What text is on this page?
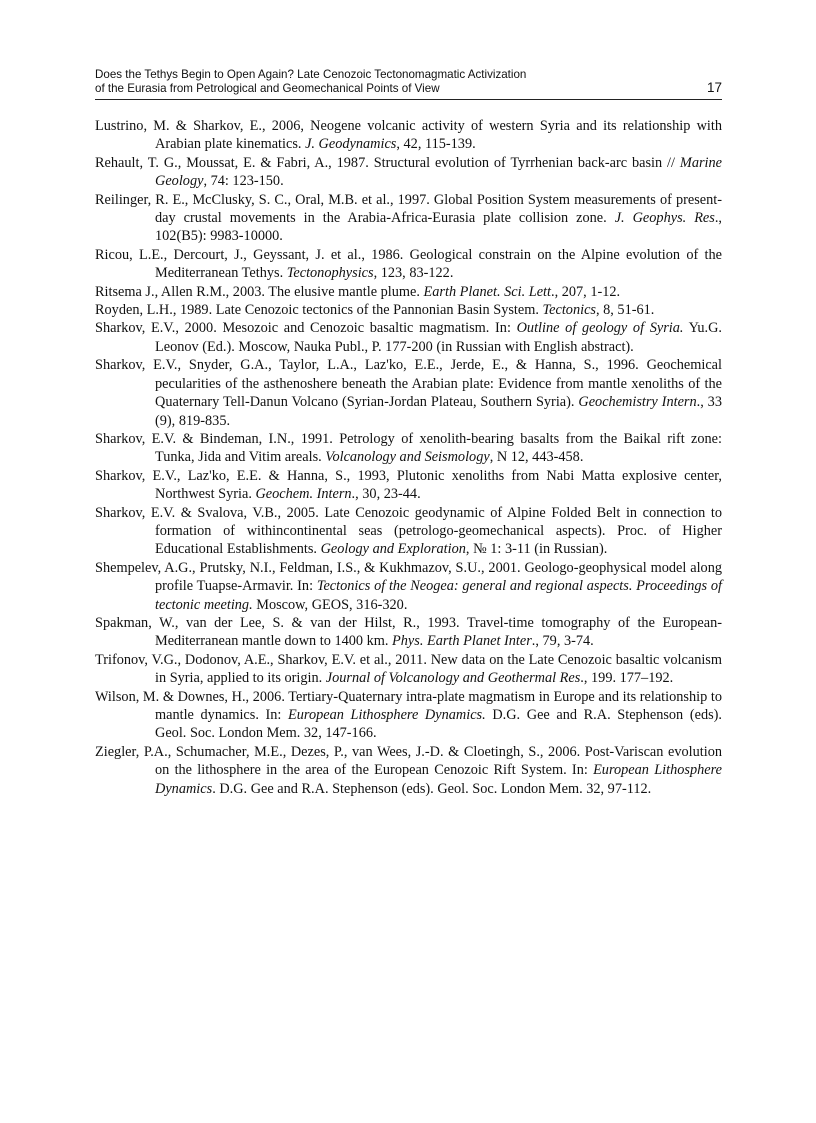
Does the Tethys Begin to Open Again? Late Cenozoic Tectonomagmatic Activization
of the Eurasia from Petrological and Geomechanical Points of View	17
Lustrino, M. & Sharkov, E., 2006, Neogene volcanic activity of western Syria and its relationship with Arabian plate kinematics. J. Geodynamics, 42, 115-139.
Rehault, T. G., Moussat, E. & Fabri, A., 1987. Structural evolution of Tyrrhenian back-arc basin // Marine Geology, 74: 123-150.
Reilinger, R. E., McClusky, S. C., Oral, M.B. et al., 1997. Global Position System measurements of present-day crustal movements in the Arabia-Africa-Eurasia plate collision zone. J. Geophys. Res., 102(B5): 9983-10000.
Ricou, L.E., Dercourt, J., Geyssant, J. et al., 1986. Geological constrain on the Alpine evolution of the Mediterranean Tethys. Tectonophysics, 123, 83-122.
Ritsema J., Allen R.M., 2003. The elusive mantle plume. Earth Planet. Sci. Lett., 207, 1-12.
Royden, L.H., 1989. Late Cenozoic tectonics of the Pannonian Basin System. Tectonics, 8, 51-61.
Sharkov, E.V., 2000. Mesozoic and Cenozoic basaltic magmatism. In: Outline of geology of Syria. Yu.G. Leonov (Ed.). Moscow, Nauka Publ., P. 177-200 (in Russian with English abstract).
Sharkov, E.V., Snyder, G.A., Taylor, L.A., Laz'ko, E.E., Jerde, E., & Hanna, S., 1996. Geochemical pecularities of the asthenoshere beneath the Arabian plate: Evidence from mantle xenoliths of the Quaternary Tell-Danun Volcano (Syrian-Jordan Plateau, Southern Syria). Geochemistry Intern., 33 (9), 819-835.
Sharkov, E.V. & Bindeman, I.N., 1991. Petrology of xenolith-bearing basalts from the Baikal rift zone: Tunka, Jida and Vitim areals. Volcanology and Seismology, N 12, 443-458.
Sharkov, E.V., Laz'ko, E.E. & Hanna, S., 1993, Plutonic xenoliths from Nabi Matta explosive center, Northwest Syria. Geochem. Intern., 30, 23-44.
Sharkov, E.V. & Svalova, V.B., 2005. Late Cenozoic geodynamic of Alpine Folded Belt in connection to formation of withincontinental seas (petrologo-geomechanical aspects). Proc. of Higher Educational Establishments. Geology and Exploration, № 1: 3-11 (in Russian).
Shempelev, A.G., Prutsky, N.I., Feldman, I.S., & Kukhmazov, S.U., 2001. Geologo-geophysical model along profile Tuapse-Armavir. In: Tectonics of the Neogea: general and regional aspects. Proceedings of tectonic meeting. Moscow, GEOS, 316-320.
Spakman, W., van der Lee, S. & van der Hilst, R., 1993. Travel-time tomography of the European-Mediterranean mantle down to 1400 km. Phys. Earth Planet Inter., 79, 3-74.
Trifonov, V.G., Dodonov, A.E., Sharkov, E.V. et al., 2011. New data on the Late Cenozoic basaltic volcanism in Syria, applied to its origin. Journal of Volcanology and Geothermal Res., 199. 177–192.
Wilson, M. & Downes, H., 2006. Tertiary-Quaternary intra-plate magmatism in Europe and its relationship to mantle dynamics. In: European Lithosphere Dynamics. D.G. Gee and R.A. Stephenson (eds). Geol. Soc. London Mem. 32, 147-166.
Ziegler, P.A., Schumacher, M.E., Dezes, P., van Wees, J.-D. & Cloetingh, S., 2006. Post-Variscan evolution on the lithosphere in the area of the European Cenozoic Rift System. In: European Lithosphere Dynamics. D.G. Gee and R.A. Stephenson (eds). Geol. Soc. London Mem. 32, 97-112.
